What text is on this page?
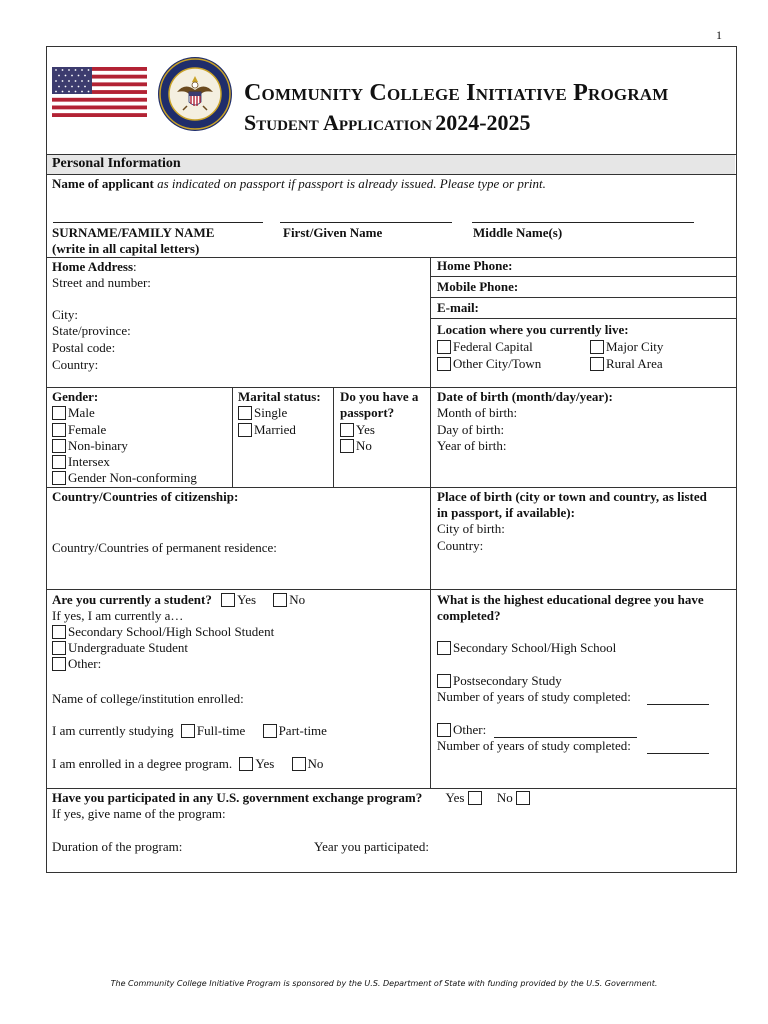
1
Community College Initiative Program
Student Application 2024-2025
Personal Information
Name of applicant as indicated on passport if passport is already issued. Please type or print.
SURNAME/FAMILY NAME
(write in all capital letters)
First/Given Name	Middle Name(s)
Home Address:
Street and number:
City:
State/province:
Postal code:
Country:
Home Phone:
Mobile Phone:
E-mail:
Location where you currently live:
Federal Capital	Major City
Other City/Town	Rural Area
Gender:
Male
Female
Non-binary
Intersex
Gender Non-conforming
Marital status:
Single
Married
Do you have a
passport?
Yes
No
Date of birth (month/day/year):
Month of birth:
Day of birth:
Year of birth:
Country/Countries of citizenship:
Country/Countries of permanent residence:
Place of birth (city or town and country, as listed
in passport, if available):
City of birth:
Country:
Are you currently a student? Yes	No
If yes, I am currently a…
Secondary School/High School Student
Undergraduate Student
Other:
Name of college/institution enrolled:
I am currently studying Full-time	Part-time
I am enrolled in a degree program. Yes	No
What is the highest educational degree you have
completed?
Secondary School/High School
Postsecondary Study
Number of years of study completed:
Other:
Number of years of study completed:
Have you participated in any U.S. government exchange program? Yes	No
If yes, give name of the program:
Duration of the program:	Year you participated:
The Community College Initiative Program is sponsored by the U.S. Department of State with funding provided by the U.S. Government.
